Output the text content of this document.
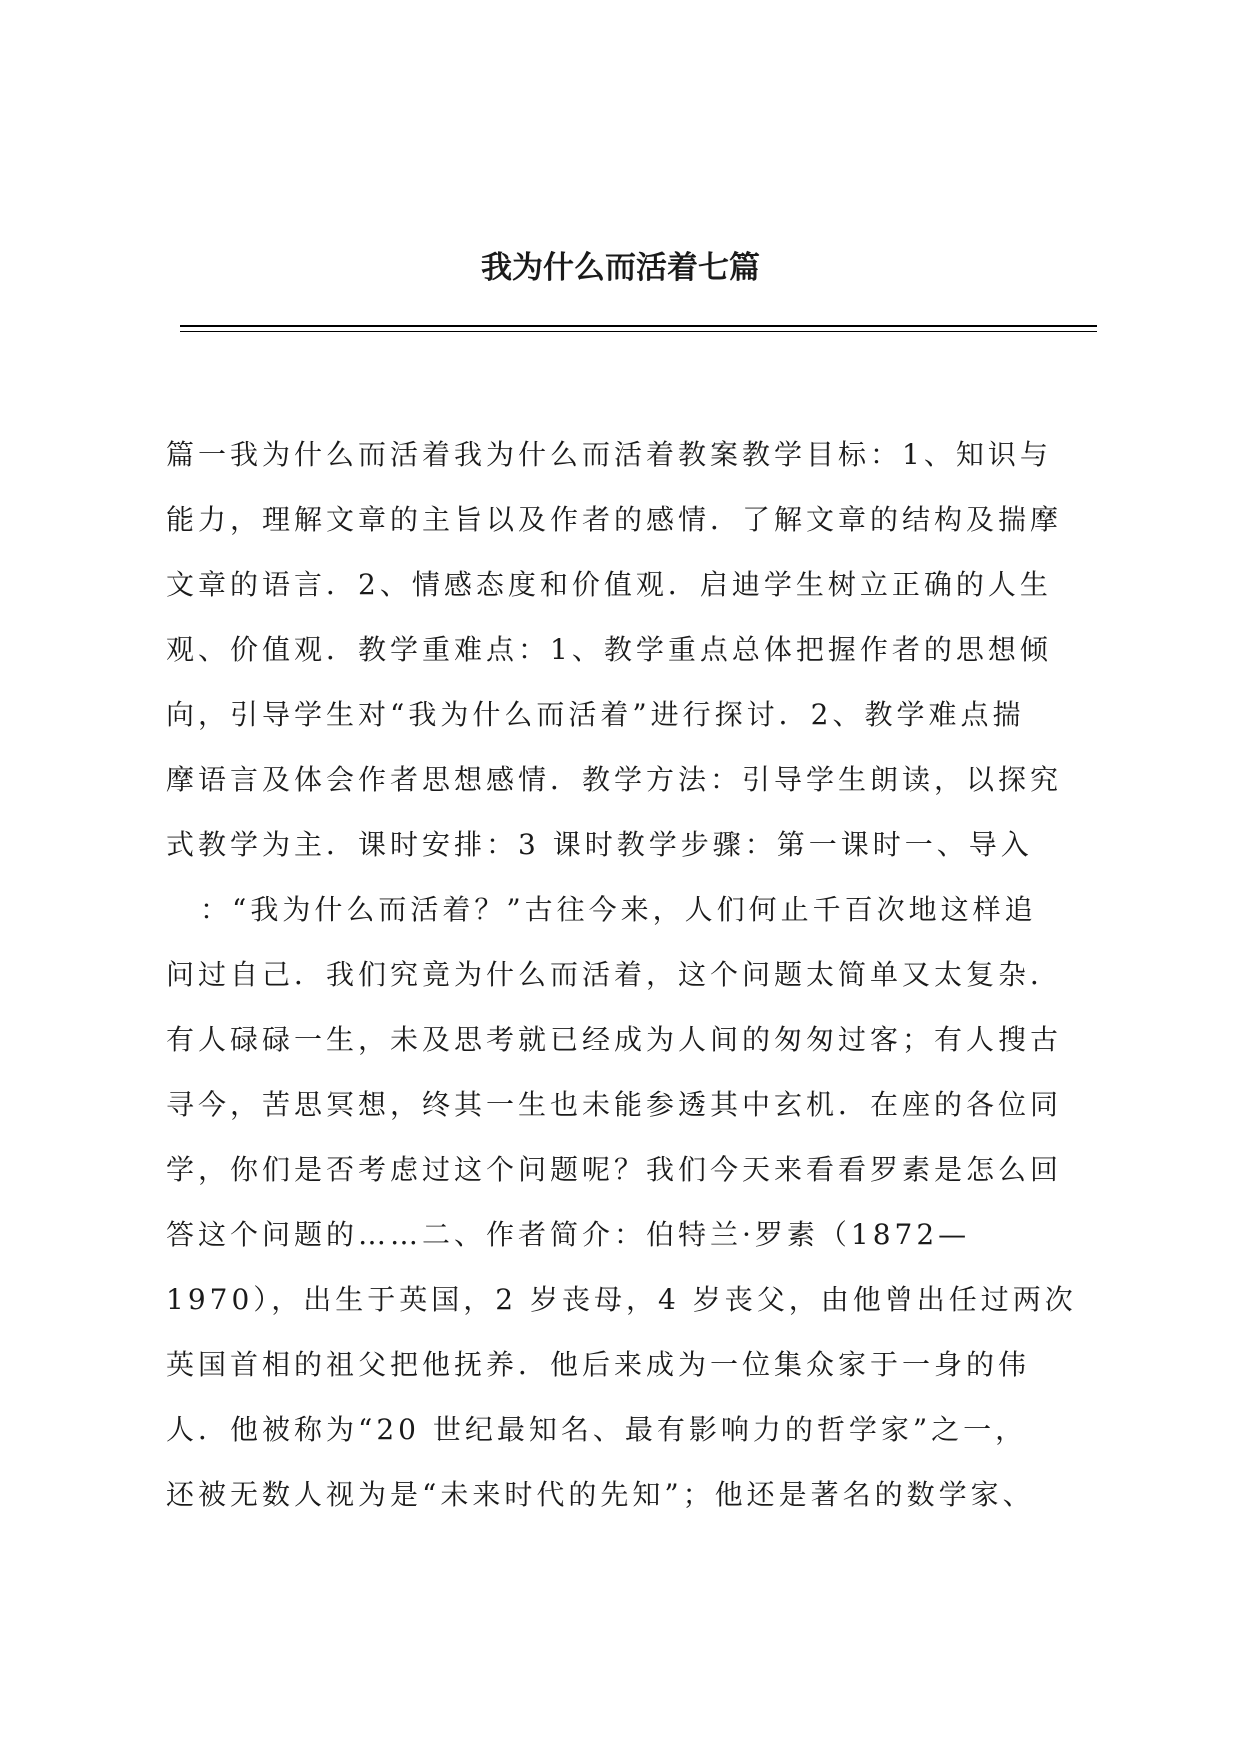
我为什么而活着七篇
篇一我为什么而活着我为什么而活着教案教学目标：1、知识与
能力，理解文章的主旨以及作者的感情．了解文章的结构及揣摩
文章的语言．2、情感态度和价值观．启迪学生树立正确的人生
观、价值观．教学重难点：1、教学重点总体把握作者的思想倾
向，引导学生对“我为什么而活着”进行探讨．2、教学难点揣
摩语言及体会作者思想感情．教学方法：引导学生朗读，以探究
式教学为主．课时安排：3 课时教学步骤：第一课时一、导入
：“我为什么而活着？”古往今来，人们何止千百次地这样追
问过自己．我们究竟为什么而活着，这个问题太简单又太复杂．
有人碌碌一生，未及思考就已经成为人间的匆匆过客；有人搜古
寻今，苦思冥想，终其一生也未能参透其中玄机．在座的各位同
学，你们是否考虑过这个问题呢？我们今天来看看罗素是怎么回
答这个问题的……二、作者简介：伯特兰·罗素（1872—
1970），出生于英国，2 岁丧母，4 岁丧父，由他曾出任过两次
英国首相的祖父把他抚养．他后来成为一位集众家于一身的伟
人．他被称为“20 世纪最知名、最有影响力的哲学家”之一，
还被无数人视为是“未来时代的先知”；他还是著名的数学家、
